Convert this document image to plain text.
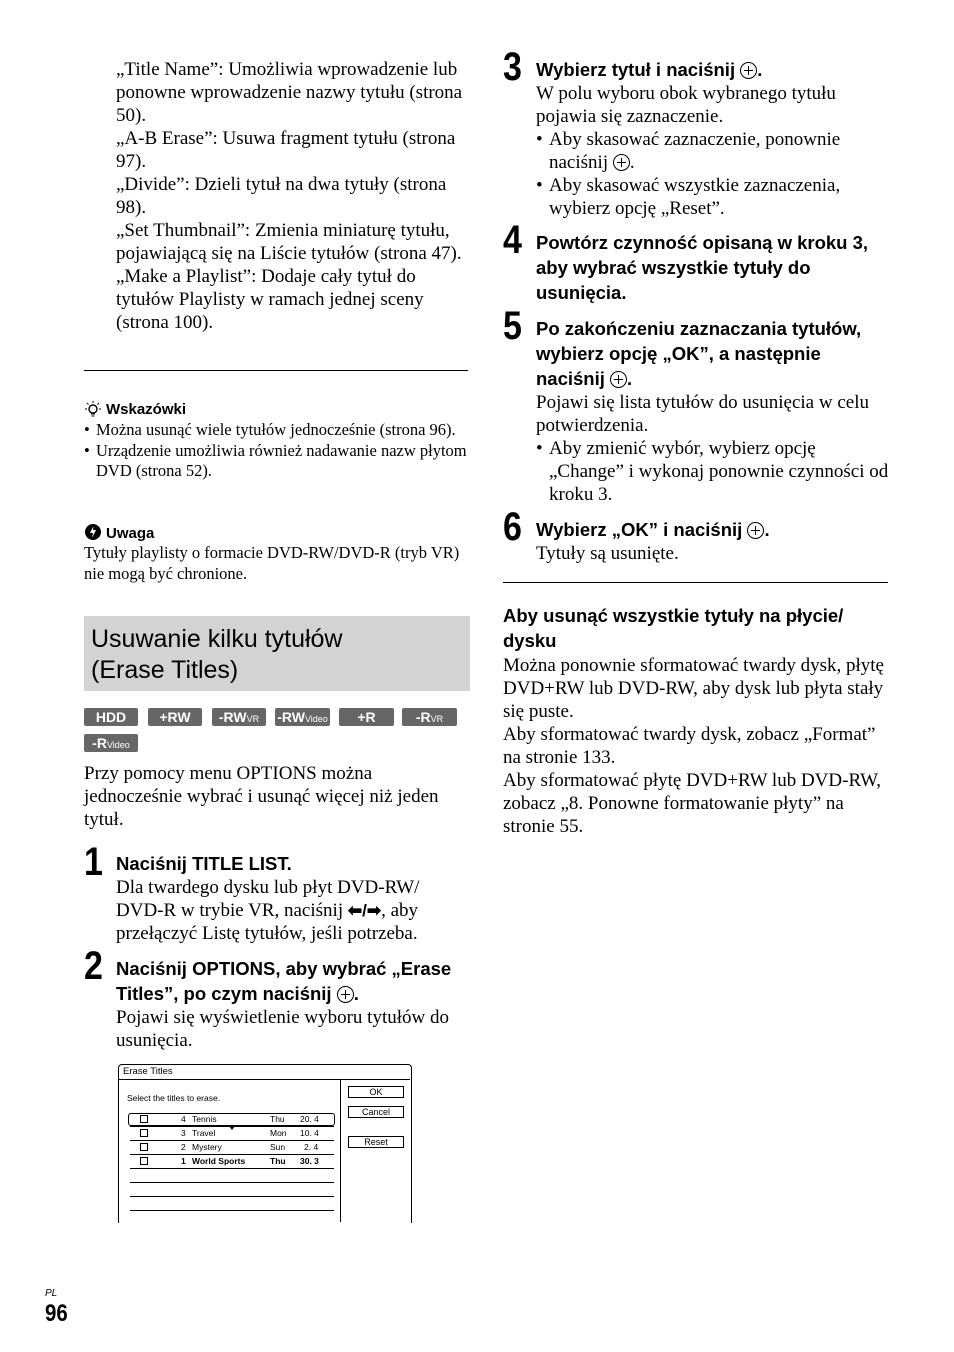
„Title Name”: Umożliwia wprowadzenie lub ponowne wprowadzenie nazwy tytułu (strona 50).
„A-B Erase”: Usuwa fragment tytułu (strona 97).
„Divide”: Dzieli tytuł na dwa tytuły (strona 98).
„Set Thumbnail”: Zmienia miniaturę tytułu, pojawiającą się na Liście tytułów (strona 47).
„Make a Playlist”: Dodaje cały tytuł do tytułów Playlisty w ramach jednej sceny (strona 100).
Wskazówki
• Można usunąć wiele tytułów jednocześnie (strona 96).
• Urządzenie umożliwia również nadawanie nazw płytom DVD (strona 52).
Uwaga
Tytuły playlisty o formacie DVD-RW/DVD-R (tryb VR) nie mogą być chronione.
Usuwanie kilku tytułów
(Erase Titles)
HDD	+RW	-RWVR	-RWVideo	+R	-RVR
-RVideo
Przy pomocy menu OPTIONS można jednocześnie wybrać i usunąć więcej niż jeden tytuł.
1 Naciśnij TITLE LIST.
Dla twardego dysku lub płyt DVD-RW/ DVD-R w trybie VR, naciśnij ⬅/➡, aby przełączyć Listę tytułów, jeśli potrzeba.
2 Naciśnij OPTIONS, aby wybrać „Erase Titles”, po czym naciśnij .
Pojawi się wyświetlenie wyboru tytułów do usunięcia.
Erase Titles
Select the titles to erase.
4 Tennis	Thu 20. 4
3 Travel	Mon 10. 4
2 Mystery	Sun 2. 4
1 World Sports	Thu 30. 3
OK
Cancel
Reset
3 Wybierz tytuł i naciśnij .
W polu wyboru obok wybranego tytułu pojawia się zaznaczenie.
• Aby skasować zaznaczenie, ponownie naciśnij .
• Aby skasować wszystkie zaznaczenia, wybierz opcję „Reset”.
4 Powtórz czynność opisaną w kroku 3, aby wybrać wszystkie tytuły do usunięcia.
5 Po zakończeniu zaznaczania tytułów, wybierz opcję „OK”, a następnie naciśnij .
Pojawi się lista tytułów do usunięcia w celu potwierdzenia.
• Aby zmienić wybór, wybierz opcję „Change” i wykonaj ponownie czynności od kroku 3.
6 Wybierz „OK” i naciśnij .
Tytuły są usunięte.
Aby usunąć wszystkie tytuły na płycie/ dysku
Można ponownie sformatować twardy dysk, płytę DVD+RW lub DVD-RW, aby dysk lub płyta stały się puste.
Aby sformatować twardy dysk, zobacz „Format” na stronie 133.
Aby sformatować płytę DVD+RW lub DVD-RW, zobacz „8. Ponowne formatowanie płyty” na stronie 55.
PL
96
